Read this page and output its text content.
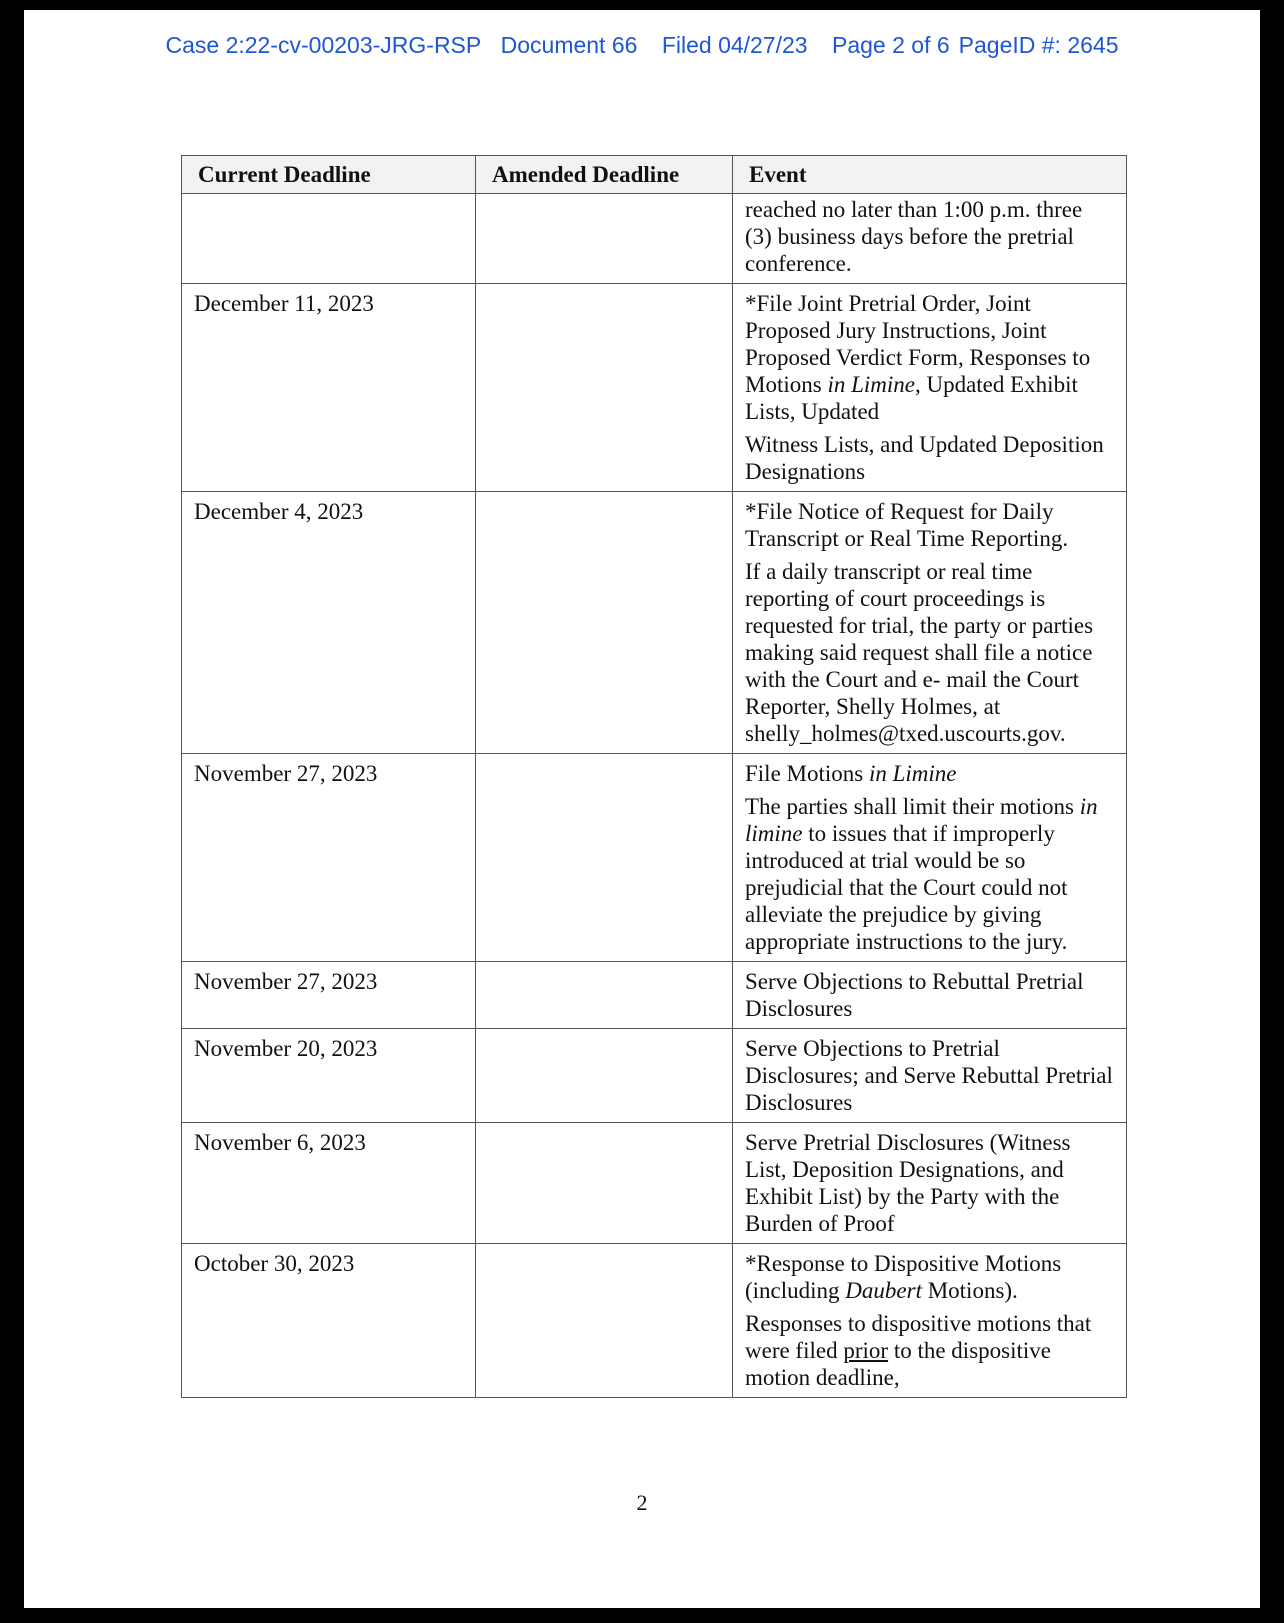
Case 2:22-cv-00203-JRG-RSP Document 66 Filed 04/27/23 Page 2 of 6 PageID #: 2645
Current Deadline	Amended Deadline	Event

		reached no later than 1:00 p.m. three (3) business days before the pretrial conference.

December 11, 2023		*File Joint Pretrial Order, Joint Proposed Jury Instructions, Joint Proposed Verdict Form, Responses to Motions in Limine, Updated Exhibit Lists, Updated

Witness Lists, and Updated Deposition Designations

December 4, 2023		*File Notice of Request for Daily Transcript or Real Time Reporting.

If a daily transcript or real time reporting of court proceedings is requested for trial, the party or parties making said request shall file a notice with the Court and e- mail the Court Reporter, Shelly Holmes, at shelly_holmes@txed.uscourts.gov.

November 27, 2023		File Motions in Limine

The parties shall limit their motions in limine to issues that if improperly introduced at trial would be so prejudicial that the Court could not alleviate the prejudice by giving appropriate instructions to the jury.

November 27, 2023		Serve Objections to Rebuttal Pretrial Disclosures

November 20, 2023		Serve Objections to Pretrial Disclosures; and Serve Rebuttal Pretrial Disclosures

November 6, 2023		Serve Pretrial Disclosures (Witness List, Deposition Designations, and Exhibit List) by the Party with the Burden of Proof

October 30, 2023		*Response to Dispositive Motions (including Daubert Motions).

Responses to dispositive motions that were filed prior to the dispositive motion deadline,

2
